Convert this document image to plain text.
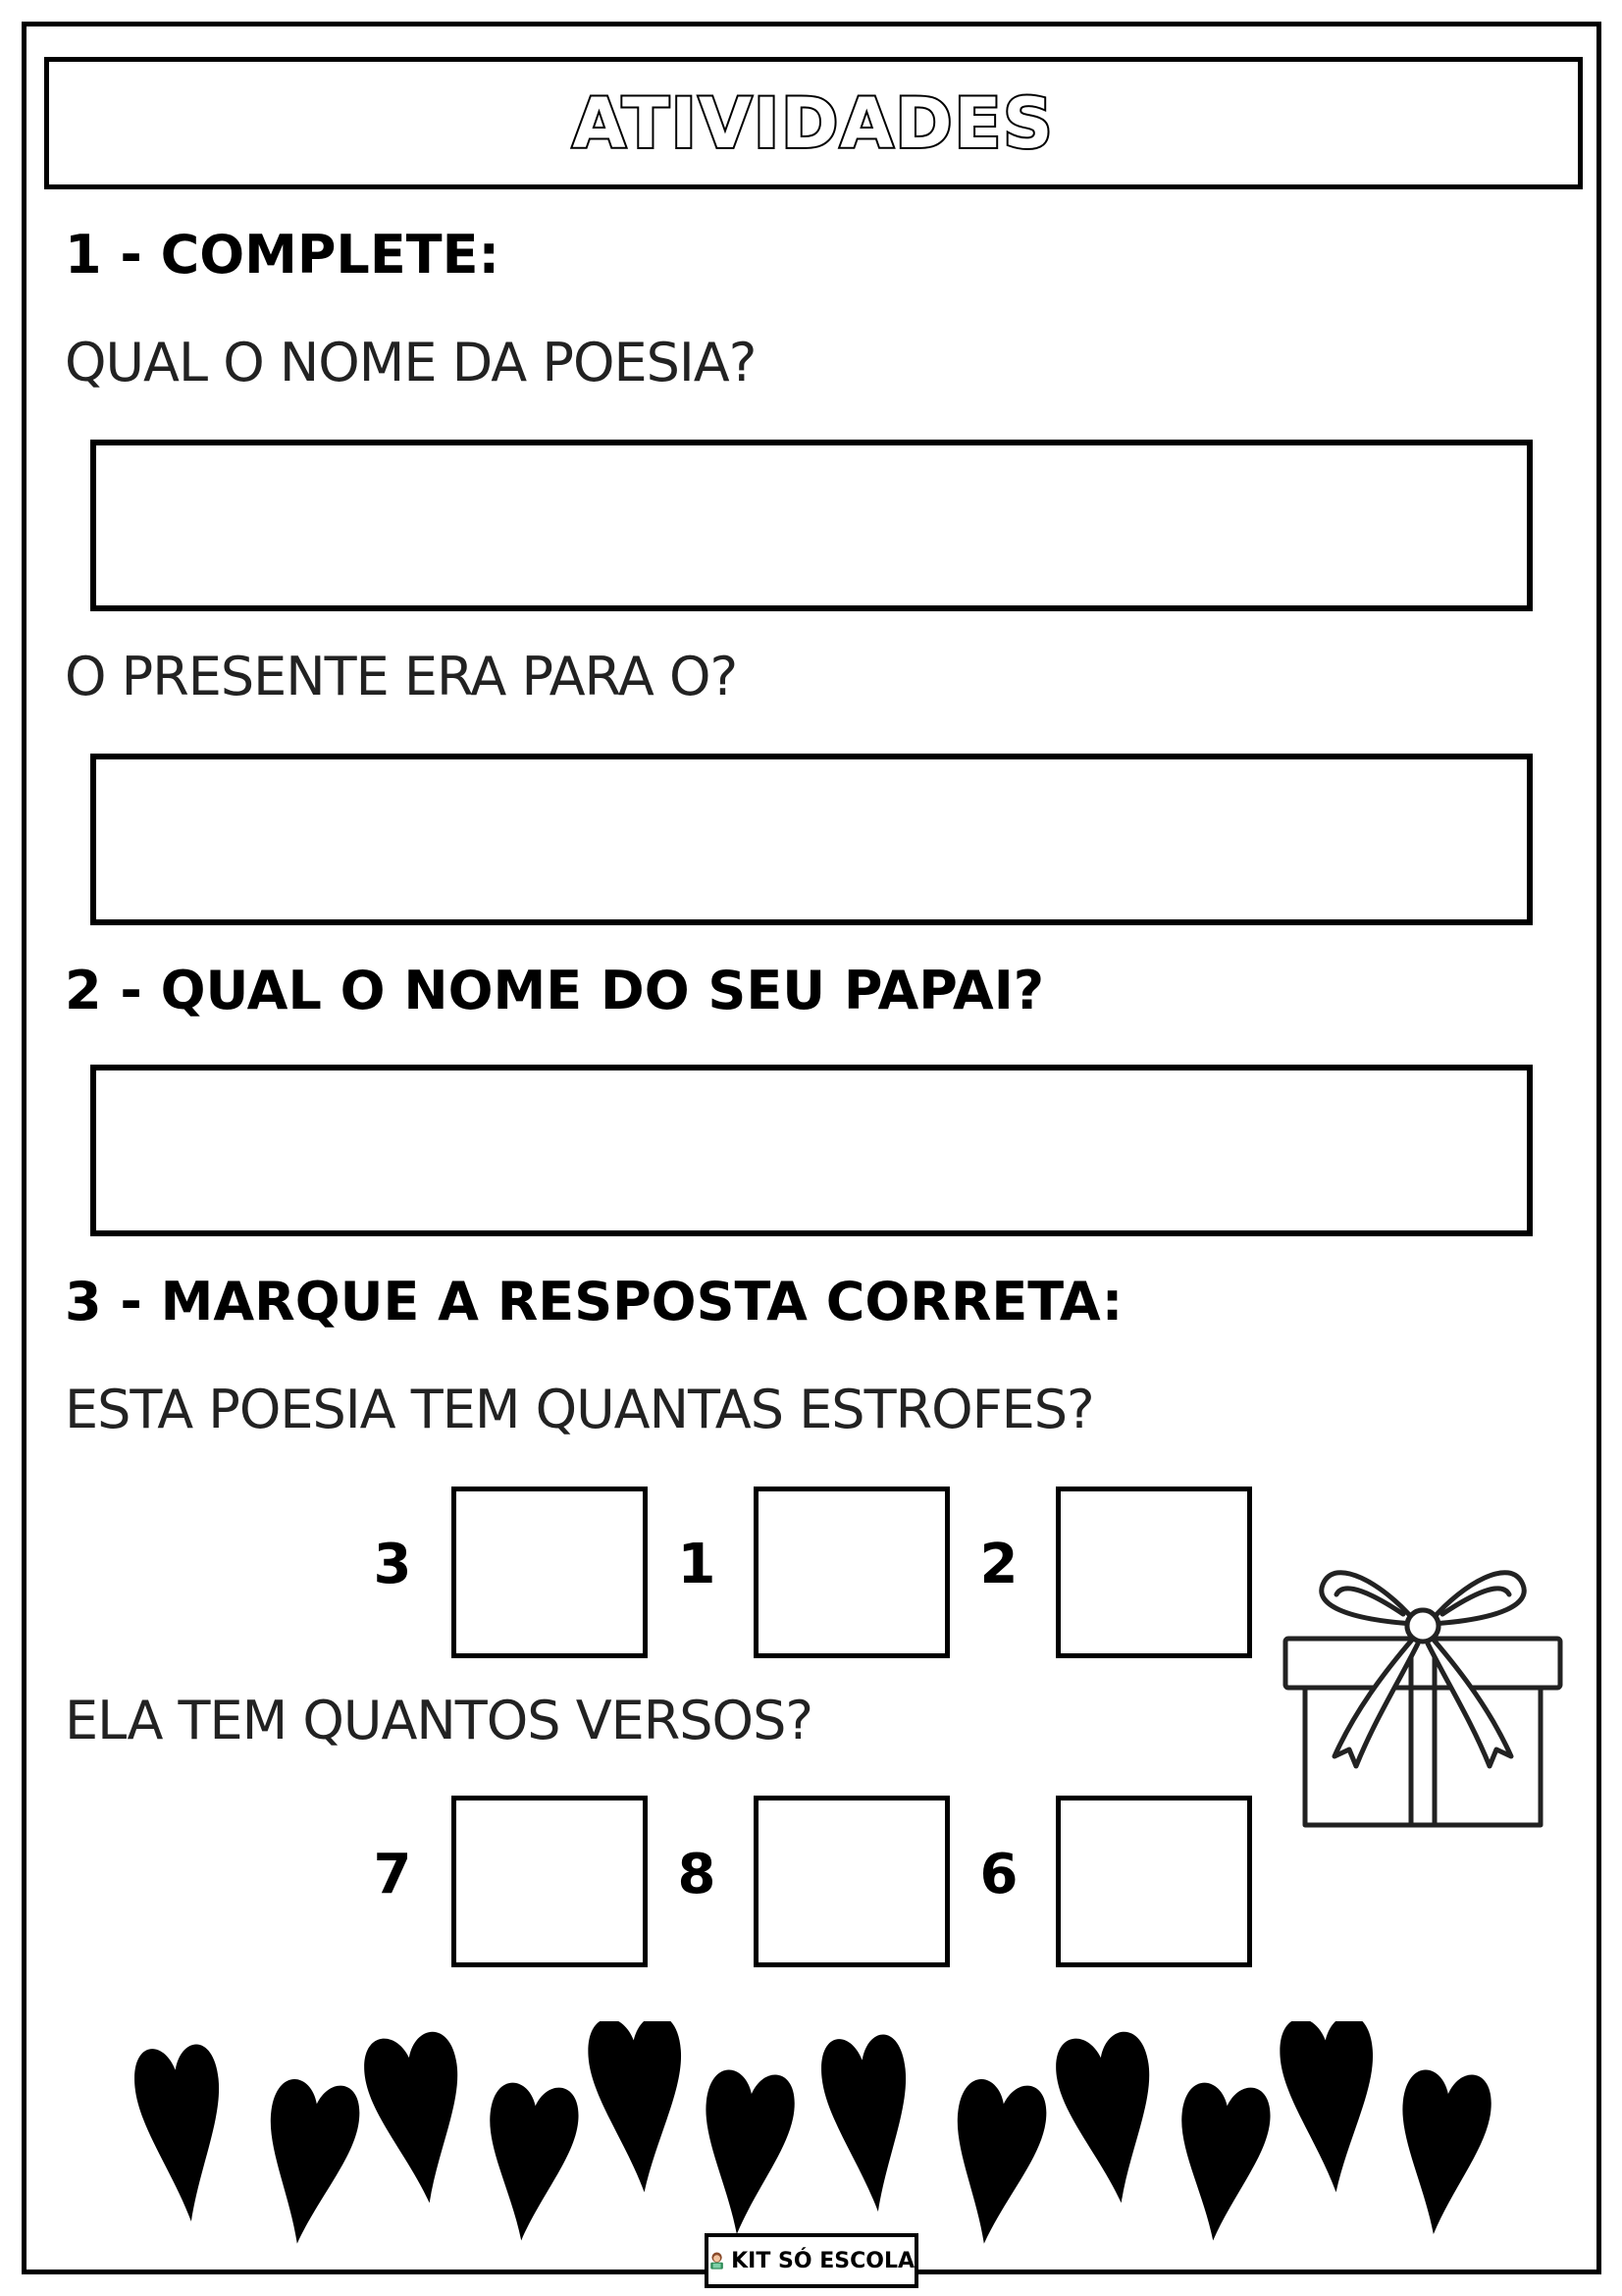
ATIVIDADES
1 - COMPLETE:
QUAL O NOME DA POESIA?
O PRESENTE ERA PARA O?
2 - QUAL O NOME DO SEU PAPAI?
3 - MARQUE A RESPOSTA CORRETA:
ESTA POESIA TEM QUANTAS ESTROFES?
3	1	2
ELA TEM QUANTOS VERSOS?
7	8	6
KIT SÓ ESCOLA
